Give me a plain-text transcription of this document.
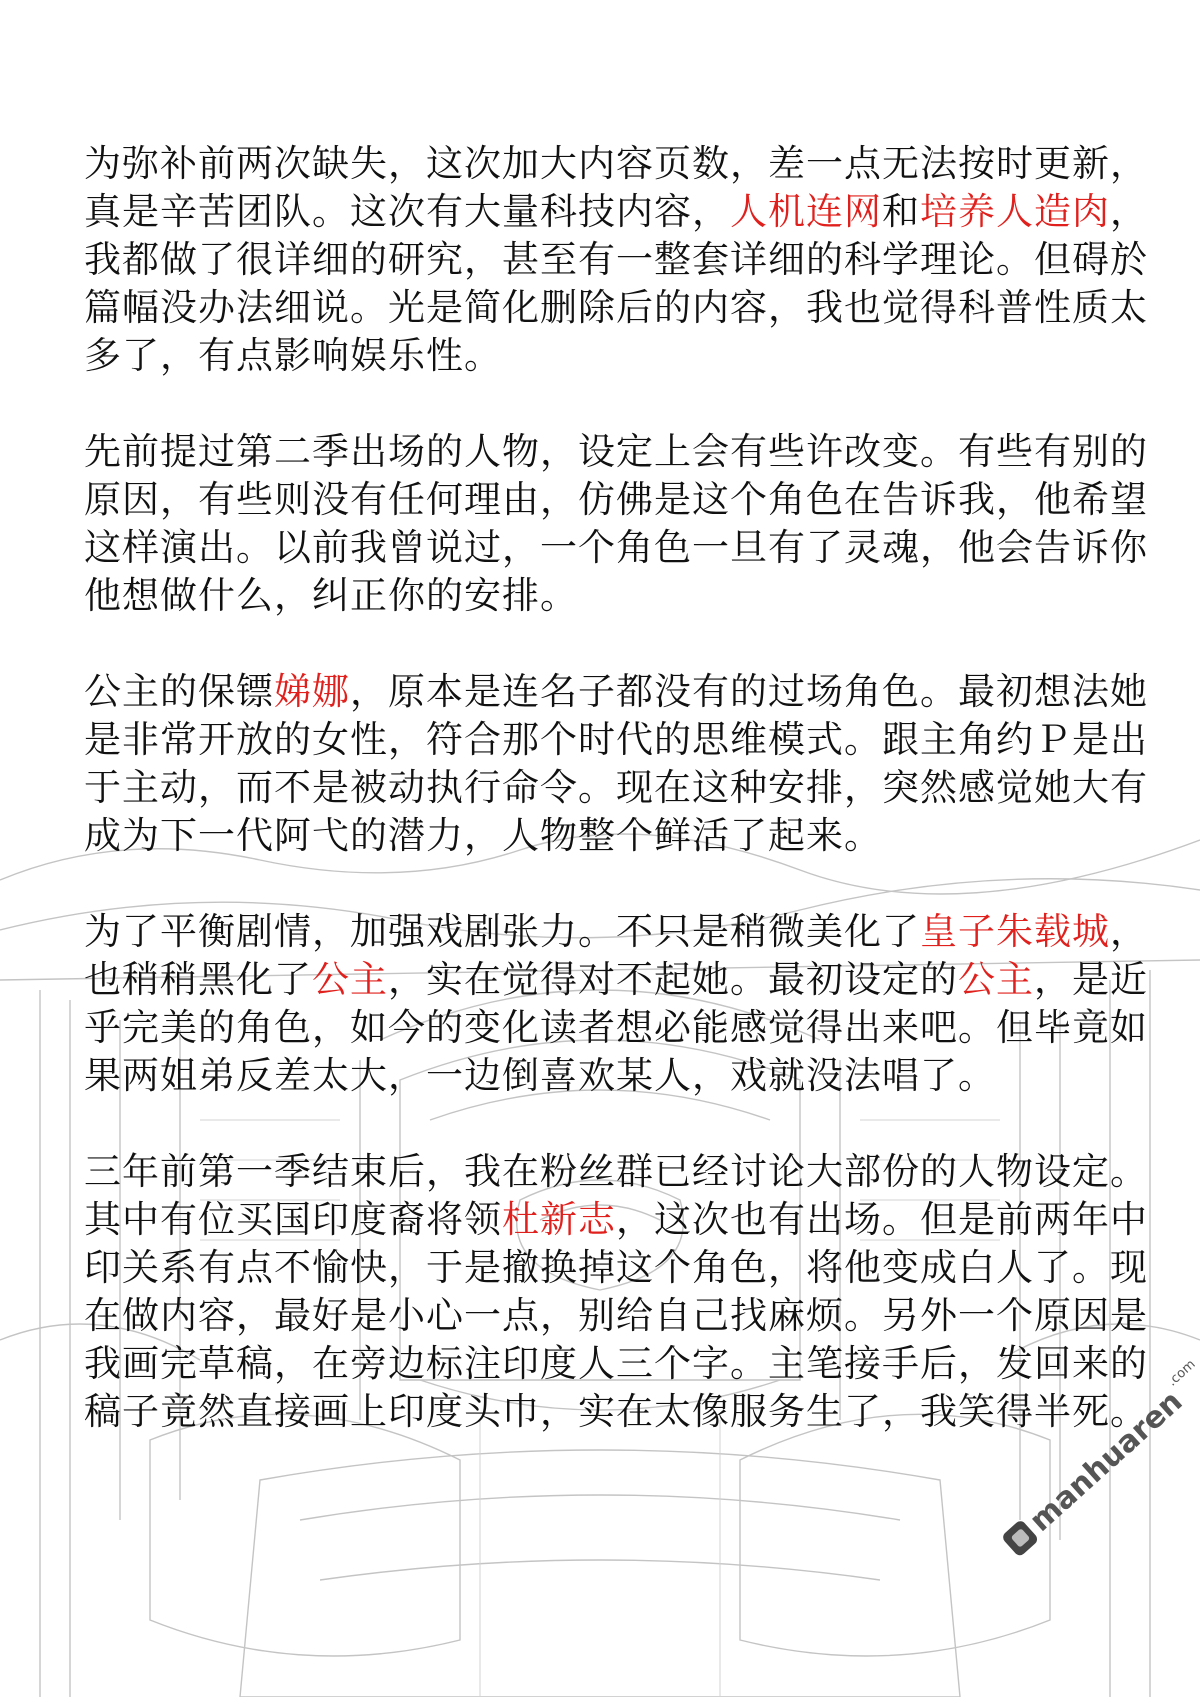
为弥补前两次缺失，这次加大内容页数，差一点无法按时更新，
真是辛苦团队。这次有大量科技内容，人机连网和培养人造肉，
我都做了很详细的研究，甚至有一整套详细的科学理论。但碍於
篇幅没办法细说。光是简化删除后的内容，我也觉得科普性质太
多了，有点影响娱乐性。
先前提过第二季出场的人物，设定上会有些许改变。有些有别的
原因，有些则没有任何理由，仿佛是这个角色在告诉我，他希望
这样演出。以前我曾说过，一个角色一旦有了灵魂，他会告诉你
他想做什么，纠正你的安排。
公主的保镖娣娜，原本是连名子都没有的过场角色。最初想法她
是非常开放的女性，符合那个时代的思维模式。跟主角约Ｐ是出
于主动，而不是被动执行命令。现在这种安排，突然感觉她大有
成为下一代阿弋的潜力，人物整个鲜活了起来。
为了平衡剧情，加强戏剧张力。不只是稍微美化了皇子朱载城，
也稍稍黑化了公主，实在觉得对不起她。最初设定的公主，是近
乎完美的角色，如今的变化读者想必能感觉得出来吧。但毕竟如
果两姐弟反差太大，一边倒喜欢某人，戏就没法唱了。
三年前第一季结束后，我在粉丝群已经讨论大部份的人物设定。
其中有位买国印度裔将领杜新志，这次也有出场。但是前两年中
印关系有点不愉快，于是撤换掉这个角色，将他变成白人了。现
在做内容，最好是小心一点，别给自己找麻烦。另外一个原因是
我画完草稿，在旁边标注印度人三个字。主笔接手后，发回来的
稿子竟然直接画上印度头巾，实在太像服务生了，我笑得半死。
manhuaren
.com
